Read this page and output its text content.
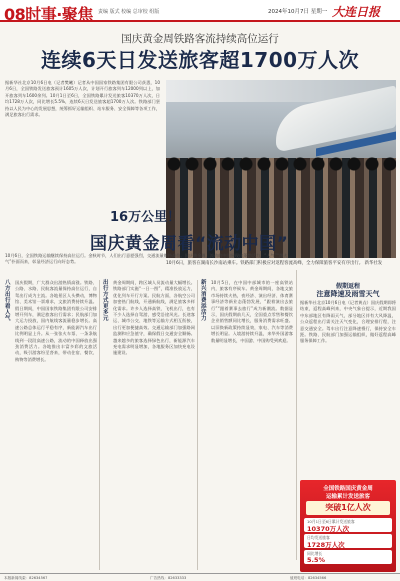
08时事·聚焦 责编 版式 校编 总审校 组版	2024年10月7日 星期一 大连日报
国庆黄金周铁路客流持续高位运行
连续6天日发送旅客超1700万人次
据新华社北京10月6日电（记者樊曦）记者从中国国家铁路集团有限公司获悉，10月6日，全国铁路发送旅客预计1605万人次，计划开行旅客列车12000列以上，加开旅客列车1600余列。10月1日至6日，全国铁路累计发送旅客10370万人次，日均1728万人次，同比增长5.5%，连续6天日发送旅客超1700万人次。铁路部门坚持以人民为中心的发展思想，统筹抓好运输组织、站车服务、安全保障等各项工作，满足旅客出行需求。
10月6日，旅客在湖南长沙南站乘车。铁路部门积极应对返程客流高峰，全力保障旅客平安有序出行。 新华社发
16万公里！
国庆黄金周看“流动中国”
10月6日，全国铁路运输继续保持高位运行。金秋时节，人们出行意愿强烈，交通流量维持高位。国庆黄金周，流动的中国展现出蓬勃活力，“人气”“烟火气”扑面而来，彰显经济运行向好态势。
八方出行看人气
国庆假期，广大群众出游热情高涨。铁路、公路、水路、民航客流量保持高位运行，自驾出行成为主流。各地景区人头攒动，博物馆、美术馆一票难求，文旅消费持续升温。假日期间，中国国家铁路集团有限公司安排增开列车，满足旅客出行需求；民航部门加大运力投放，国内航线客流量稳步增长。高速公路总体运行平稳有序，新能源汽车出行比例明显上升。从一张张火车票、一条条航线到一段段高速公路，流动的中国释放出强劲消费活力。各地推出丰富多彩的文旅活动，吸引游客纷至沓来，带动住宿、餐饮、购物等消费增长。
出行方式更多元
黄金周期间，跨区域人员流动量大幅增长。铁路部门实施“一日一图”，精准投放运力，优化列车开行方案。民航方面，各航空公司加密热门航线，开通新航线，满足旅客多样化需求。许多人选择高铁、飞机出行，也有不少人选择自驾游，感受沿途风光。长途客运、城市公交、地铁等运输方式相互衔接，出行更加便捷高效。交通运输部门加强路网监测和应急值守，确保假日交通安全顺畅。越来越多的旅客选择绿色出行，新能源汽车充电需求明显增加，各地服务区加快充电设施建设。
新兴消费添活力
10月5日，在中国中部城市的一座高铁站内，旅客有序候车。黄金周期间，各地文旅市场持续火热，夜经济、演出经济、体育赛事经济等新业态蓬勃发展，“跟着演出去旅行”“跟着赛事去旅行”成为新潮流。数据显示，国庆假期前几天，全国重点零售和餐饮企业销售额同比增长，服务消费需求旺盛。以旧换新政策持续显效，家电、汽车等消费增长明显。入境游持续升温，来华外国游客数量明显增长，中国游、中国购受到欢迎。
假期返程
注意降速及雨雪天气
据新华社北京10月6日电（记者黄垚）国庆假期即将结束，返程高峰到来，中央气象台提示，近期我国中东部地区有降雨天气，部分地区伴有大风降温，公众返程出行需关注天气变化，合理安排行程，注意交通安全。驾车出行注意降速慢行，保持安全车距。铁路、民航部门加强运输组织，做好返程高峰服务保障工作。
全国铁路国庆黄金周
运输累计发送旅客
突破1亿人次
10月1日至6日累计发送旅客
10370万人次
日均发送旅客
1728万人次
同比增长
5.5%
本版新闻线索：82634567	广告热线：82633333	值班电话：82634566
